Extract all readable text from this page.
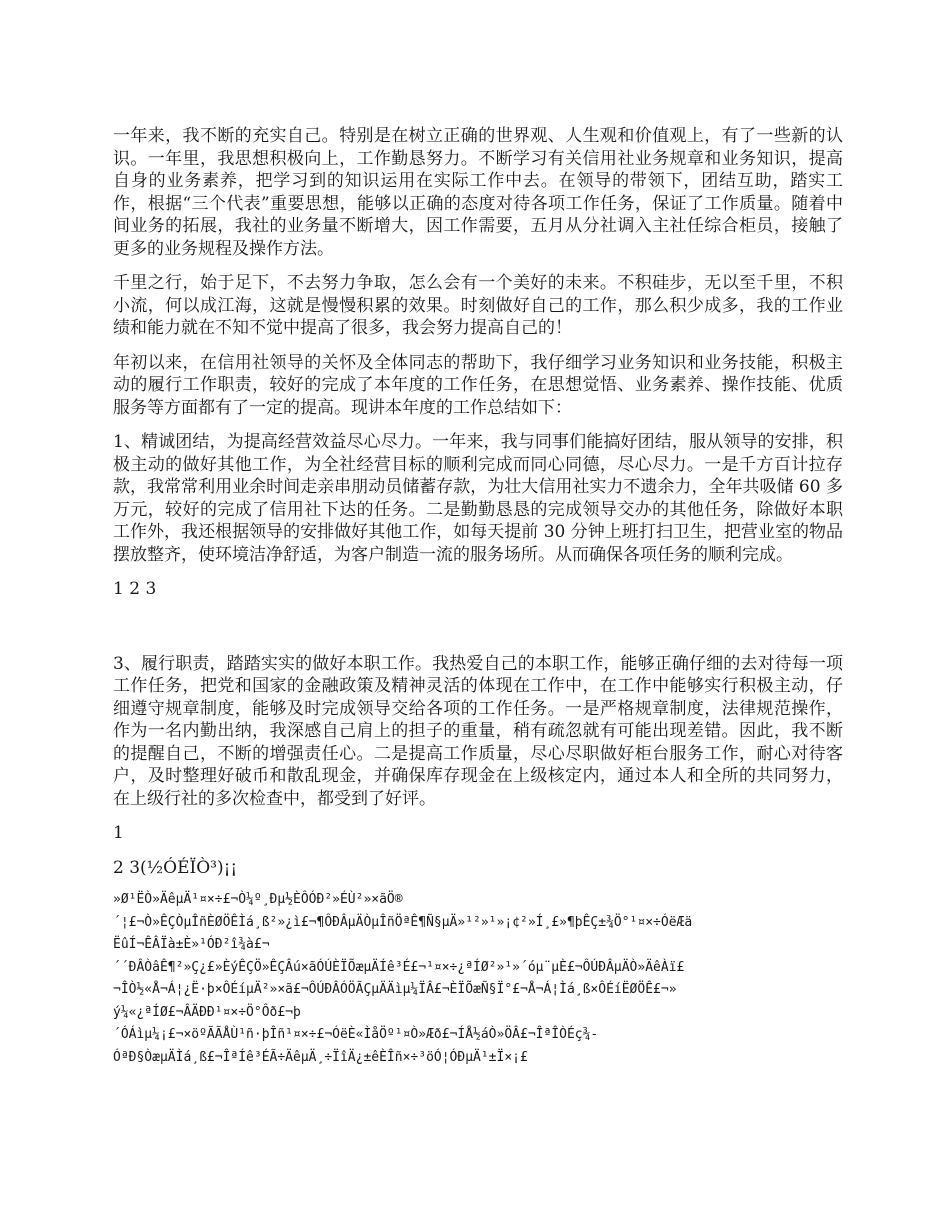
一年来，我不断的充实自己。特别是在树立正确的世界观、人生观和价值观上，有了一些新的认识。一年里，我思想积极向上，工作勤恳努力。不断学习有关信用社业务规章和业务知识，提高自身的业务素养，把学习到的知识运用在实际工作中去。在领导的带领下，团结互助，踏实工作，根据“三个代表”重要思想，能够以正确的态度对待各项工作任务，保证了工作质量。随着中间业务的拓展，我社的业务量不断增大，因工作需要，五月从分社调入主社任综合柜员，接触了更多的业务规程及操作方法。

千里之行，始于足下，不去努力争取，怎么会有一个美好的未来。不积硅步，无以至千里，不积小流，何以成江海，这就是慢慢积累的效果。时刻做好自己的工作，那么积少成多，我的工作业绩和能力就在不知不觉中提高了很多，我会努力提高自己的！

年初以来，在信用社领导的关怀及全体同志的帮助下，我仔细学习业务知识和业务技能，积极主动的履行工作职责，较好的完成了本年度的工作任务，在思想觉悟、业务素养、操作技能、优质服务等方面都有了一定的提高。现讲本年度的工作总结如下：

1、精诚团结，为提高经营效益尽心尽力。一年来，我与同事们能搞好团结，服从领导的安排，积极主动的做好其他工作，为全社经营目标的顺利完成而同心同德，尽心尽力。一是千方百计拉存款，我常常利用业余时间走亲串朋动员储蓄存款，为壮大信用社实力不遗余力，全年共吸储 60 多万元，较好的完成了信用社下达的任务。二是勤勤恳恳的完成领导交办的其他任务，除做好本职工作外，我还根据领导的安排做好其他工作，如每天提前 30 分钟上班打扫卫生，把营业室的物品摆放整齐，使环境洁净舒适，为客户制造一流的服务场所。从而确保各项任务的顺利完成。

1 2 3

3、履行职责，踏踏实实的做好本职工作。我热爱自己的本职工作，能够正确仔细的去对待每一项工作任务，把党和国家的金融政策及精神灵活的体现在工作中，在工作中能够实行积极主动，仔细遵守规章制度，能够及时完成领导交给各项的工作任务。一是严格规章制度，法律规范操作，作为一名内勤出纳，我深感自己肩上的担子的重量，稍有疏忽就有可能出现差错。因此，我不断的提醒自己，不断的增强责任心。二是提高工作质量，尽心尽职做好柜台服务工作，耐心对待客户，及时整理好破币和散乱现金，并确保库存现金在上级核定内，通过本人和全所的共同努力，在上级行社的多次检查中，都受到了好评。

1

2 3(½ÓÉÏÒ³)¡¡

»Ø¹ËÒ»ÄêµÄ¹¤×÷£¬Ò¼º¸Ðµ½ÈÔÓÐ²»ÉÙ²»×ãÖ®
´¦£¬Ò»ÊÇÒµÎñÈØÖÊÌá¸ß²»¿ì£¬¶ÔÐÂµÄÒµÎñÖªÊ¶Ñ§µÄ»¹²»¹»¡¢²»Í¸£»¶þÊÇ±¾Ö°¹¤×÷ÓëÆä
ËûÍ¬ÊÂÏà±È»¹ÓÐ²î¾à£¬
´´ÐÂÒâÊ¶²»Ç¿£»ÈýÊÇÖ»ÊÇÂú×ãÓÚÈÏÕæµÄÍê³É£¬¹¤×÷¿ªÍØ²»¹»´óµ¨µÈ£¬ÔÚÐÂµÄÒ»ÄêÀï£
¬ÎÒ½«Å¬Á¦¿Ë·þ×ÔÉíµÄ²»×ã£¬ÔÚÐÂÓÖÃÇµÄÄìµ¼ÏÂ£¬ÈÏÕæÑ§Ï°£¬Å¬Á¦Ìá¸ß×ÔÉíËØÖÊ£¬»
ý¼«¿ªÍØ£¬ÂÄÐÐ¹¤×÷Ö°Ôð£¬þ
´ÓÁìµ¼¡£¬×öºÃÃÅÙ¹ñ·þÎñ¹¤×÷£¬ÓëÈ«ÌåÖº¹¤Ò»Æð£¬ÍÅ½áÒ»ÖÂ£¬ÎªÎÒÉç¾-
ÓªÐ§ÒæµÄÌá¸ß£¬ÎªÍê³ÉÃ÷ÄêµÄ¸÷ÏîÄ¿±êÈÎñ×÷³öÓ¦ÓÐµÄ¹±Ï×¡£
